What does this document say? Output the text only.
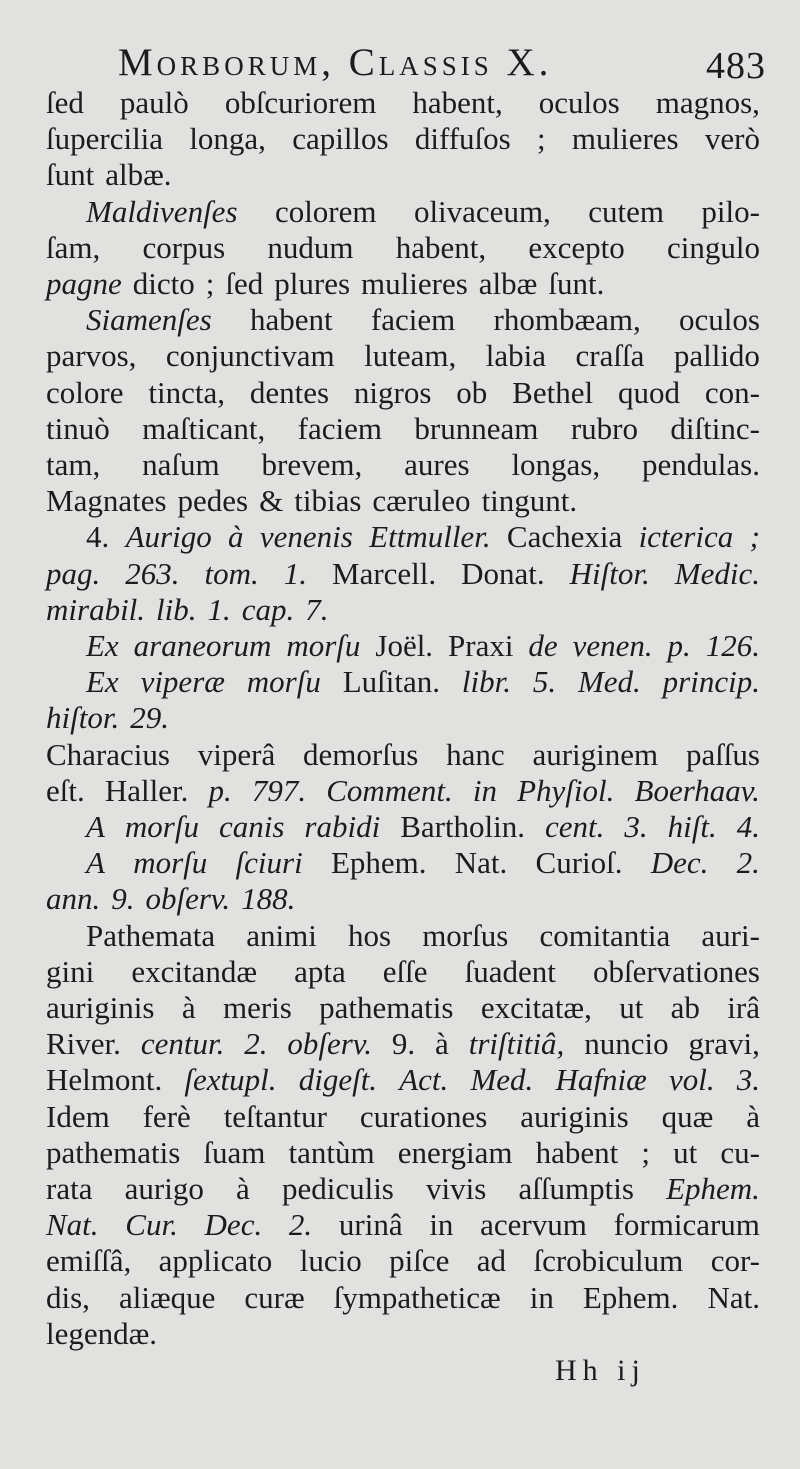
Morborum, Classis X.	483
ſed paulò obſcuriorem habent, oculos magnos,
ſupercilia longa, capillos diffuſos ; mulieres verò
ſunt albæ.
Maldivenſes colorem olivaceum, cutem pilo-
ſam, corpus nudum habent, excepto cingulo
pagne dicto ; ſed plures mulieres albæ ſunt.
Siamenſes habent faciem rhombæam, oculos
parvos, conjunctivam luteam, labia craſſa pallido
colore tincta, dentes nigros ob Bethel quod con-
tinuò maſticant, faciem brunneam rubro diſtinc-
tam, naſum brevem, aures longas, pendulas.
Magnates pedes & tibias cæruleo tingunt.
4. Aurigo à venenis Ettmuller. Cachexia icterica ;
pag. 263. tom. 1. Marcell. Donat. Hiſtor. Medic.
mirabil. lib. 1. cap. 7.
Ex araneorum morſu Joël. Praxi de venen. p. 126.
Ex viperæ morſu Luſitan. libr. 5. Med. princip.
hiſtor. 29.
Characius viperâ demorſus hanc auriginem paſſus
eſt. Haller. p. 797. Comment. in Phyſiol. Boerhaav.
A morſu canis rabidi Bartholin. cent. 3. hiſt. 4.
A morſu ſciuri Ephem. Nat. Curioſ. Dec. 2.
ann. 9. obſerv. 188.
Pathemata animi hos morſus comitantia auri-
gini excitandæ apta eſſe ſuadent obſervationes
auriginis à meris pathematis excitatæ, ut ab irâ
River. centur. 2. obſerv. 9. à triſtitiâ, nuncio gravi,
Helmont. ſextupl. digeſt. Act. Med. Hafniæ vol. 3.
Idem ferè teſtantur curationes auriginis quæ à
pathematis ſuam tantùm energiam habent ; ut cu-
rata aurigo à pediculis vivis aſſumptis Ephem.
Nat. Cur. Dec. 2. urinâ in acervum formicarum
emiſſâ, applicato lucio piſce ad ſcrobiculum cor-
dis, aliæque curæ ſympatheticæ in Ephem. Nat.
legendæ.
Hh ij
